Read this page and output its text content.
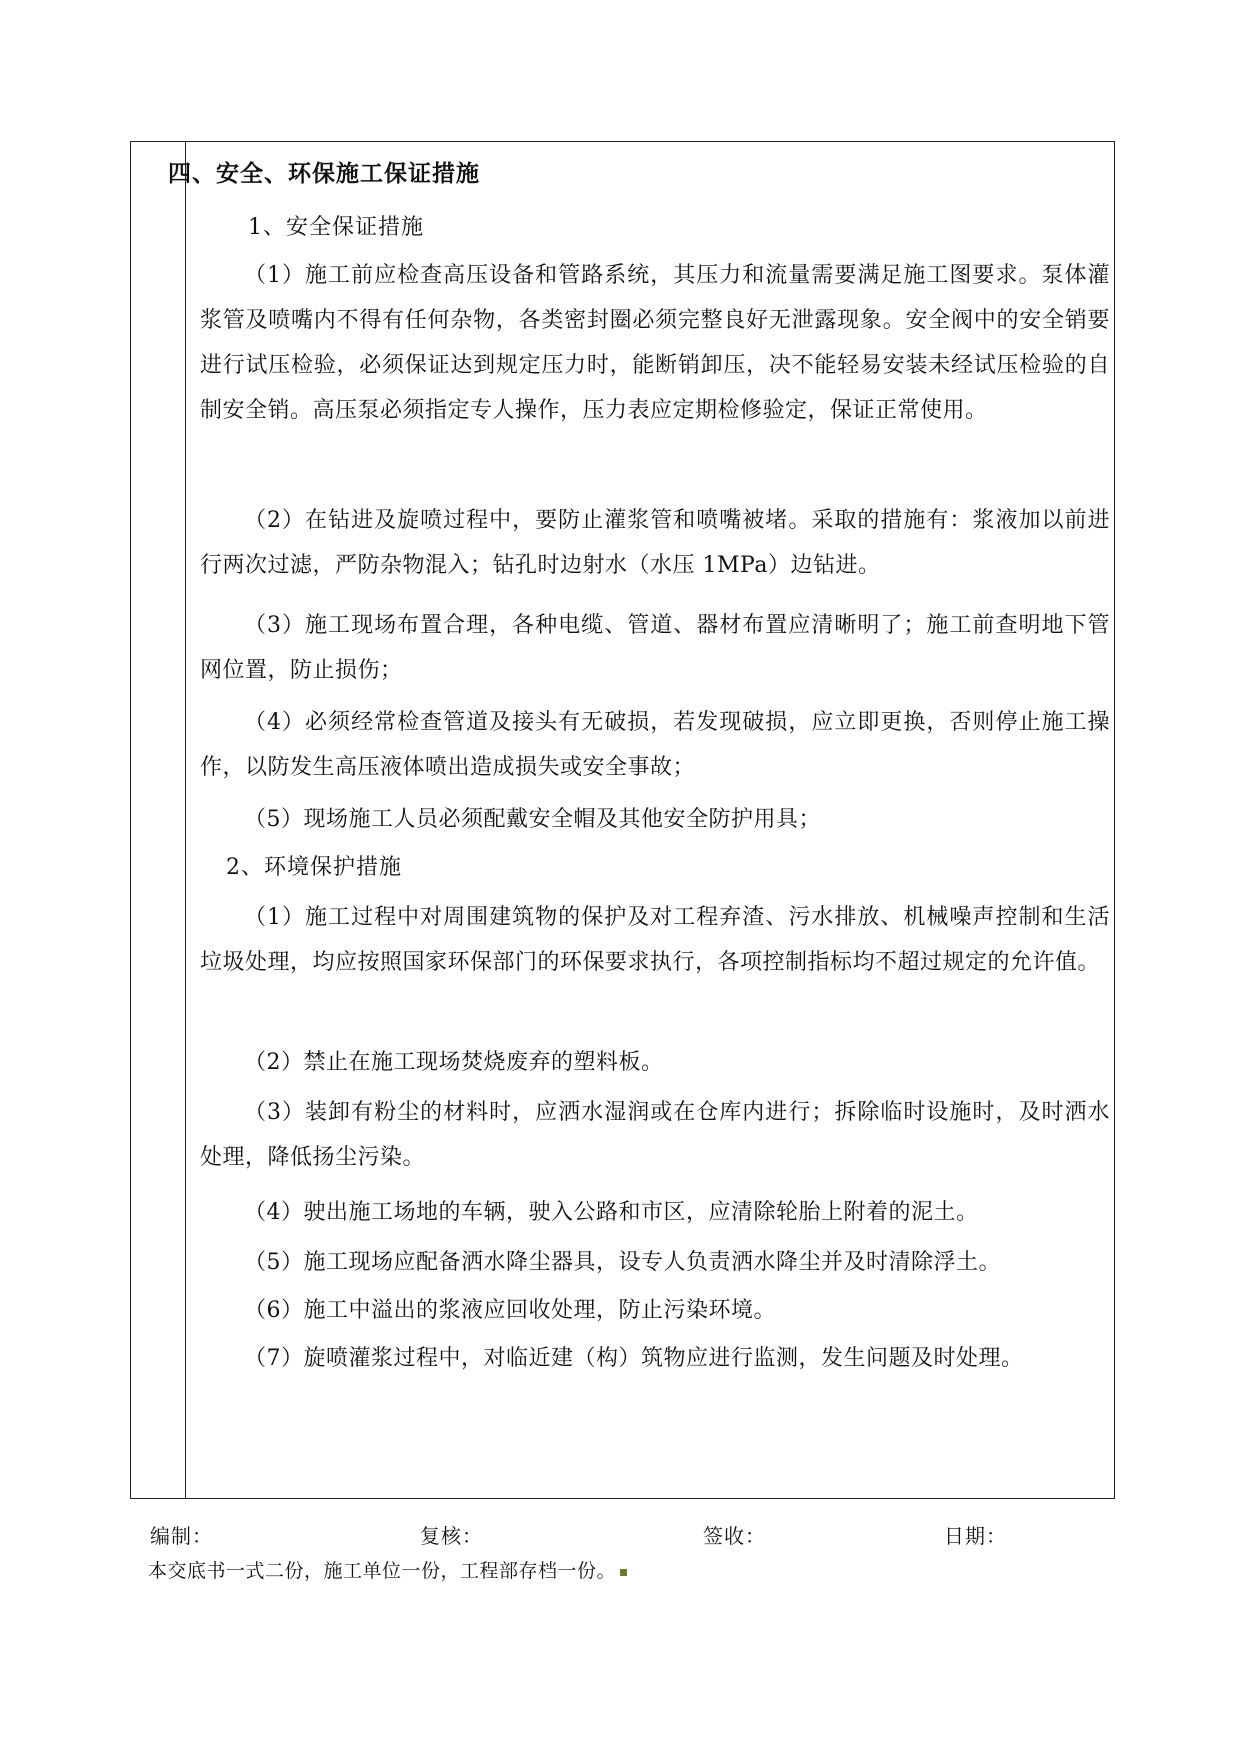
四、安全、环保施工保证措施
1、安全保证措施
（1）施工前应检查高压设备和管路系统，其压力和流量需要满足施工图要求。泵体灌浆管及喷嘴内不得有任何杂物，各类密封圈必须完整良好无泄露现象。安全阀中的安全销要进行试压检验，必须保证达到规定压力时，能断销卸压，决不能轻易安装未经试压检验的自制安全销。高压泵必须指定专人操作，压力表应定期检修验定，保证正常使用。
（2）在钻进及旋喷过程中，要防止灌浆管和喷嘴被堵。采取的措施有：浆液加以前进行两次过滤，严防杂物混入；钻孔时边射水（水压 1MPa）边钻进。
（3）施工现场布置合理，各种电缆、管道、器材布置应清晰明了；施工前查明地下管网位置，防止损伤；
（4）必须经常检查管道及接头有无破损，若发现破损，应立即更换，否则停止施工操作，以防发生高压液体喷出造成损失或安全事故；
（5）现场施工人员必须配戴安全帽及其他安全防护用具；
2、环境保护措施
（1）施工过程中对周围建筑物的保护及对工程弃渣、污水排放、机械噪声控制和生活垃圾处理，均应按照国家环保部门的环保要求执行，各项控制指标均不超过规定的允许值。
（2）禁止在施工现场焚烧废弃的塑料板。
（3）装卸有粉尘的材料时，应洒水湿润或在仓库内进行；拆除临时设施时，及时洒水处理，降低扬尘污染。
（4）驶出施工场地的车辆，驶入公路和市区，应清除轮胎上附着的泥土。
（5）施工现场应配备洒水降尘器具，设专人负责洒水降尘并及时清除浮土。
（6）施工中溢出的浆液应回收处理，防止污染环境。
（7）旋喷灌浆过程中，对临近建（构）筑物应进行监测，发生问题及时处理。
编制：	复核：	签收：	日期：
本交底书一式二份，施工单位一份，工程部存档一份。
